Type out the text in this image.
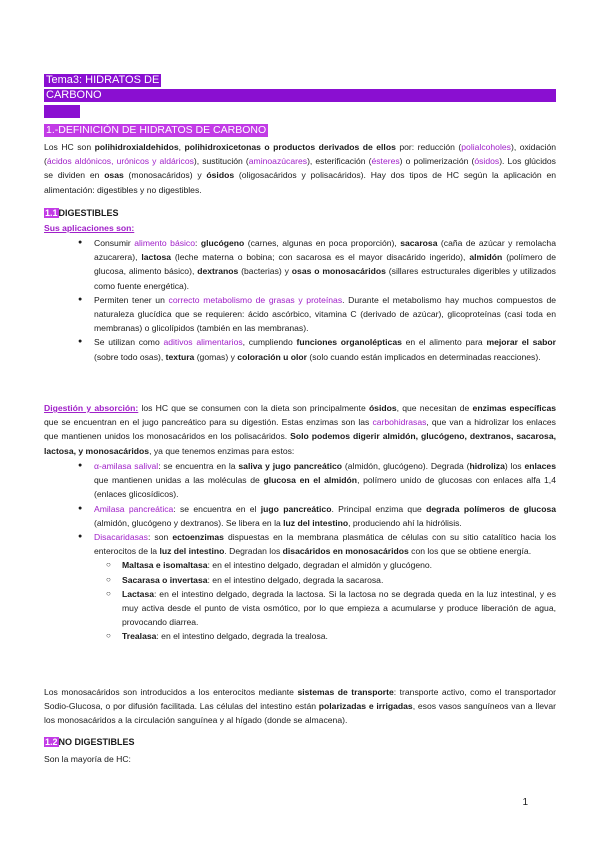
Tema3: HIDRATOS DE
CARBONO
1.-DEFINICIÓN DE HIDRATOS DE CARBONO
Los HC son polihidroxialdehidos, polihidroxicetonas o productos derivados de ellos por: reducción (polialcoholes), oxidación (ácidos aldónicos, urónicos y aldáricos), sustitución (aminoazúcares), esterificación (ésteres) o polimerización (ósidos). Los glúcidos se dividen en osas (monosacáridos) y ósidos (oligosacáridos y polisacáridos). Hay dos tipos de HC según la aplicación en alimentación: digestibles y no digestibles.
1.1DIGESTIBLES
Sus aplicaciones son:
● Consumir alimento básico: glucógeno (carnes, algunas en poca proporción), sacarosa (caña de azúcar y remolacha azucarera), lactosa (leche materna o bobina; con sacarosa es el mayor disacárido ingerido), almidón (polímero de glucosa, alimento básico), dextranos (bacterias) y osas o monosacáridos (sillares estructurales digeribles y utilizados como fuente energética).
● Permiten tener un correcto metabolismo de grasas y proteínas. Durante el metabolismo hay muchos compuestos de naturaleza glucídica que se requieren: ácido ascórbico, vitamina C (derivado de azúcar), glicoproteínas (casi toda en membranas) o glicolípidos (también en las membranas).
● Se utilizan como aditivos alimentarios, cumpliendo funciones organolépticas en el alimento para mejorar el sabor (sobre todo osas), textura (gomas) y coloración u olor (solo cuando están implicados en determinadas reacciones).
Digestión y absorción: los HC que se consumen con la dieta son principalmente ósidos, que necesitan de enzimas específicas que se encuentran en el jugo pancreático para su digestión. Estas enzimas son las carbohidrasas, que van a hidrolizar los enlaces que mantienen unidos los monosacáridos en los polisacáridos. Solo podemos digerir almidón, glucógeno, dextranos, sacarosa, lactosa, y monosacáridos, ya que tenemos enzimas para estos:
● α-amilasa salival: se encuentra en la saliva y jugo pancreático (almidón, glucógeno). Degrada (hidroliza) los enlaces que mantienen unidas a las moléculas de glucosa en el almidón, polímero unido de glucosas con enlaces alfa 1,4 (enlaces glicosídicos).
● Amilasa pancreática: se encuentra en el jugo pancreático. Principal enzima que degrada polímeros de glucosa (almidón, glucógeno y dextranos). Se libera en la luz del intestino, produciendo ahí la hidrólisis.
● Disacaridasas: son ectoenzimas dispuestas en la membrana plasmática de células con su sitio catalítico hacia los enterocitos de la luz del intestino. Degradan los disacáridos en monosacáridos con los que se obtiene energía.
○ Maltasa e isomaltasa: en el intestino delgado, degradan el almidón y glucógeno.
○ Sacarasa o invertasa: en el intestino delgado, degrada la sacarosa.
○ Lactasa: en el intestino delgado, degrada la lactosa. Si la lactosa no se degrada queda en la luz intestinal, y es muy activa desde el punto de vista osmótico, por lo que empieza a acumularse y produce liberación de agua, provocando diarrea.
○ Trealasa: en el intestino delgado, degrada la trealosa.
Los monosacáridos son introducidos a los enterocitos mediante sistemas de transporte: transporte activo, como el transportador Sodio-Glucosa, o por difusión facilitada. Las células del intestino están polarizadas e irrigadas, esos vasos sanguíneos van a llevar los monosacáridos a la circulación sanguínea y al hígado (donde se almacena).
1.2NO DIGESTIBLES
Son la mayoría de HC:
1
